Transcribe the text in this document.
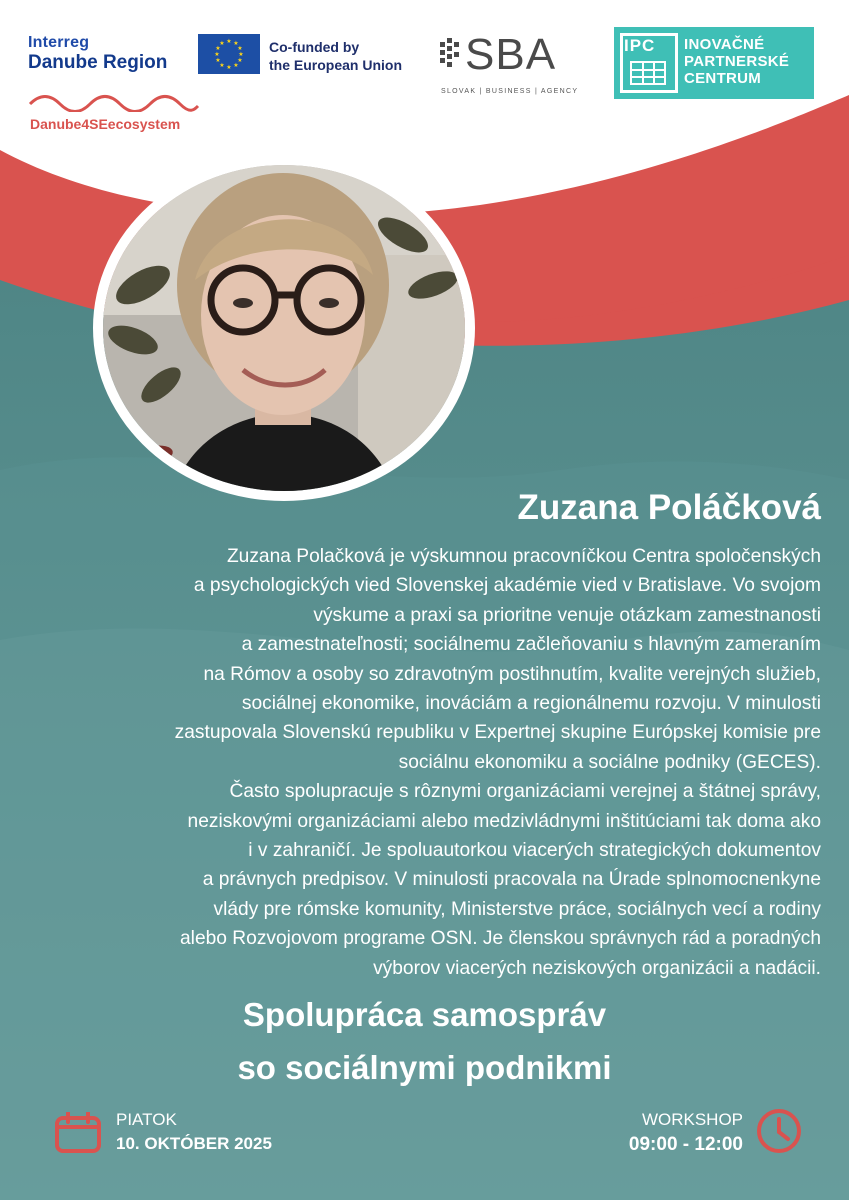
Interreg
Danube Region
Danube4SEecosystem
★ ★
★
★
★
★
★
★
★
★
★
★	Co-funded by
the European Union SBA
SLOVAK | BUSINESS | AGENCY
IPC INOVAČNÉ
PARTNERSKÉ
CENTRUM
Zuzana Poláčková
Zuzana Polačková je výskumnou pracovníčkou Centra spoločenských
a psychologických vied Slovenskej akadémie vied v Bratislave. Vo svojom
výskume a praxi sa prioritne venuje otázkam zamestnanosti
a zamestnateľnosti; sociálnemu začleňovaniu s hlavným zameraním
na Rómov a osoby so zdravotným postihnutím, kvalite verejných služieb,
sociálnej ekonomike, inováciám a regionálnemu rozvoju. V minulosti
zastupovala Slovenskú republiku v Expertnej skupine Európskej komisie pre
sociálnu ekonomiku a sociálne podniky (GECES).
Často spolupracuje s rôznymi organizáciami verejnej a štátnej správy,
neziskovými organizáciami alebo medzivládnymi inštitúciami tak doma ako
i v zahraničí. Je spoluautorkou viacerých strategických dokumentov
a právnych predpisov. V minulosti pracovala na Úrade splnomocnenkyne
vlády pre rómske komunity, Ministerstve práce, sociálnych vecí a rodiny
alebo Rozvojovom programe OSN. Je členskou správnych rád a poradných
výborov viacerých neziskových organizácii a nadácii.
Spolupráca samospráv
so sociálnymi podnikmi
PIATOK
10. OKTÓBER 2025
WORKSHOP
09:00 - 12:00
